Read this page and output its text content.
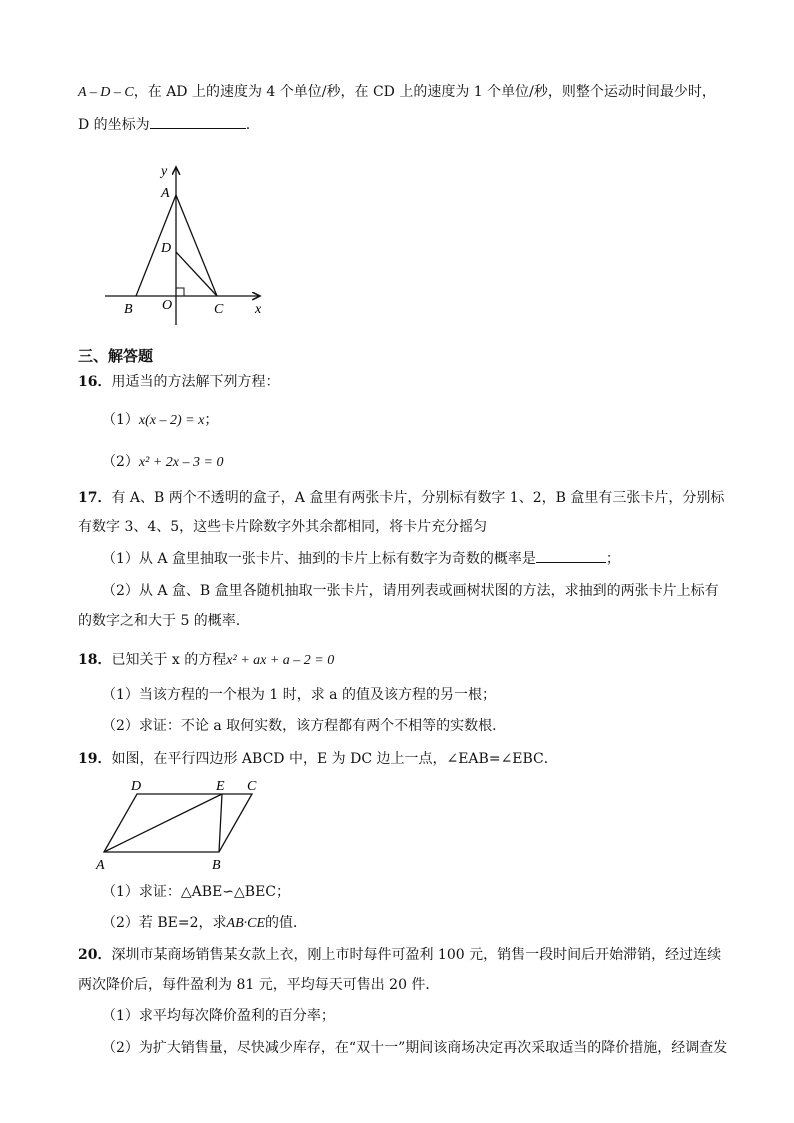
A – D – C，在 AD 上的速度为 4 个单位/秒，在 CD 上的速度为 1 个单位/秒，则整个运动时间最少时，
D 的坐标为	.
y
A
D
B O	C x
三、解答题
16．用适当的方法解下列方程：
（1）x(x – 2) = x；
（2）x² + 2x – 3 = 0
17．有 A、B 两个不透明的盒子，A 盒里有两张卡片，分别标有数字 1、2，B 盒里有三张卡片，分别标
有数字 3、4、5，这些卡片除数字外其余都相同，将卡片充分摇匀
（1）从 A 盒里抽取一张卡片、抽到的卡片上标有数字为奇数的概率是	；
（2）从 A 盒、B 盒里各随机抽取一张卡片，请用列表或画树状图的方法，求抽到的两张卡片上标有
的数字之和大于 5 的概率.
18．已知关于 x 的方程x² + ax + a – 2 = 0
（1）当该方程的一个根为 1 时，求 a 的值及该方程的另一根；
（2）求证：不论 a 取何实数，该方程都有两个不相等的实数根．
19．如图，在平行四边形 ABCD 中，E 为 DC 边上一点，∠EAB=∠EBC．
D	E C
A	B
（1）求证：△ABE∽△BEC；
（2）若 BE=2，求AB·CE的值．
20．深圳市某商场销售某女款上衣，刚上市时每件可盈利 100 元，销售一段时间后开始滞销，经过连续
两次降价后，每件盈利为 81 元，平均每天可售出 20 件．
（1）求平均每次降价盈利的百分率；
（2）为扩大销售量，尽快减少库存，在“双十一”期间该商场决定再次采取适当的降价措施，经调查发
